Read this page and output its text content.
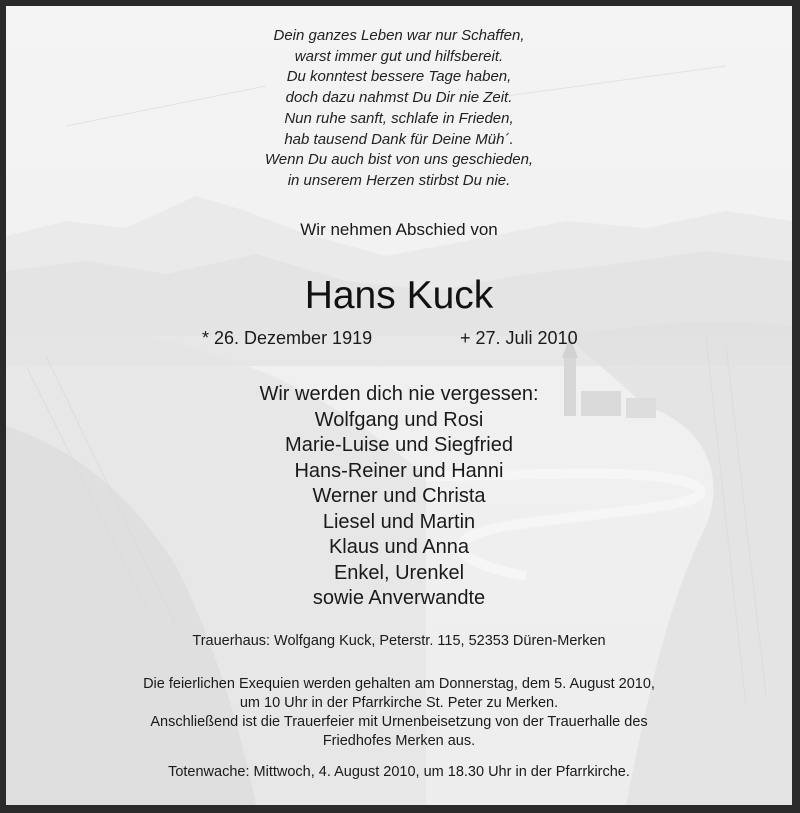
Dein ganzes Leben war nur Schaffen,
warst immer gut und hilfsbereit.
Du konntest bessere Tage haben,
doch dazu nahmst Du Dir nie Zeit.
Nun ruhe sanft, schlafe in Frieden,
hab tausend Dank für Deine Müh´.
Wenn Du auch bist von uns geschieden,
in unserem Herzen stirbst Du nie.
Wir nehmen Abschied von
Hans Kuck
* 26. Dezember 1919	+ 27. Juli 2010
Wir werden dich nie vergessen:
Wolfgang und Rosi
Marie-Luise und Siegfried
Hans-Reiner und Hanni
Werner und Christa
Liesel und Martin
Klaus und Anna
Enkel, Urenkel
sowie Anverwandte
Trauerhaus: Wolfgang Kuck, Peterstr. 115, 52353 Düren-Merken
Die feierlichen Exequien werden gehalten am Donnerstag, dem 5. August 2010,
um 10 Uhr in der Pfarrkirche St. Peter zu Merken.
Anschließend ist die Trauerfeier mit Urnenbeisetzung von der Trauerhalle des
Friedhofes Merken aus.
Totenwache: Mittwoch, 4. August 2010, um 18.30 Uhr in der Pfarrkirche.
